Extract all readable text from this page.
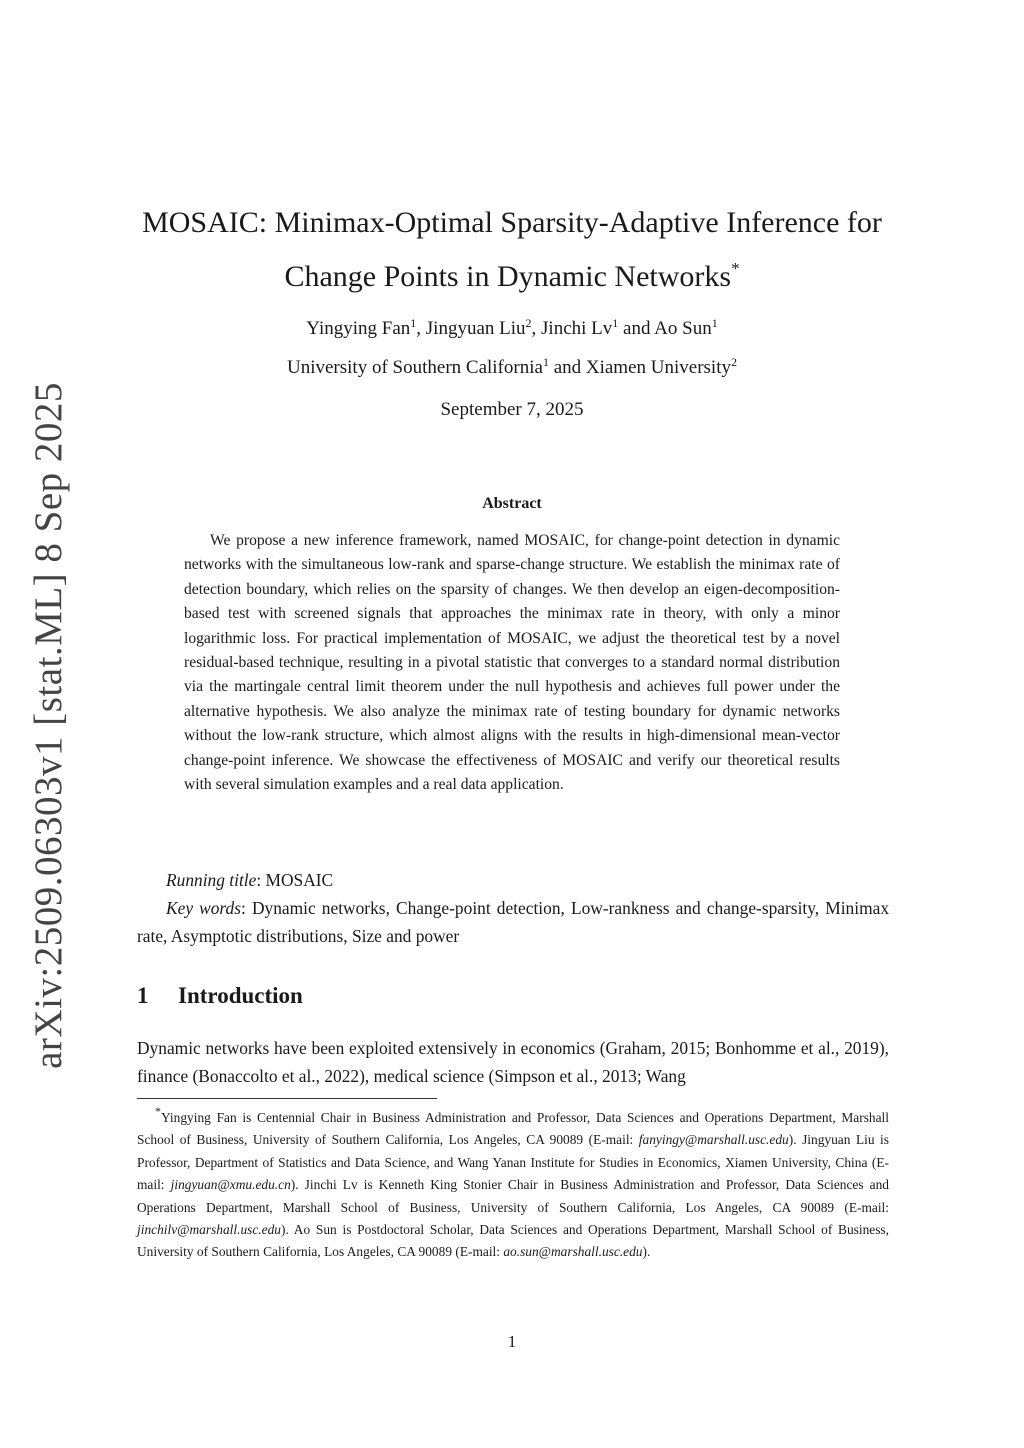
arXiv:2509.06303v1 [stat.ML] 8 Sep 2025
MOSAIC: Minimax-Optimal Sparsity-Adaptive Inference for Change Points in Dynamic Networks*
Yingying Fan$^1$, Jingyuan Liu$^2$, Jinchi Lv$^1$ and Ao Sun$^1$
University of Southern California$^1$ and Xiamen University$^2$
September 7, 2025
Abstract

We propose a new inference framework, named MOSAIC, for change-point detection in dynamic networks with the simultaneous low-rank and sparse-change structure. We establish the minimax rate of detection boundary, which relies on the sparsity of changes. We then develop an eigen-decomposition-based test with screened signals that approaches the minimax rate in theory, with only a minor logarithmic loss. For practical implementation of MOSAIC, we adjust the theoretical test by a novel residual-based technique, resulting in a pivotal statistic that converges to a standard normal distribution via the martingale central limit theorem under the null hypothesis and achieves full power under the alternative hypothesis. We also analyze the minimax rate of testing boundary for dynamic networks without the low-rank structure, which almost aligns with the results in high-dimensional mean-vector change-point inference. We showcase the effectiveness of MOSAIC and verify our theoretical results with several simulation examples and a real data application.

Running title: MOSAIC
Key words: Dynamic networks, Change-point detection, Low-rankness and change-sparsity, Minimax rate, Asymptotic distributions, Size and power
1 Introduction

Dynamic networks have been exploited extensively in economics (Graham, 2015; Bonhomme et al., 2019), finance (Bonaccolto et al., 2022), medical science (Simpson et al., 2013; Wang

*Yingying Fan is Centennial Chair in Business Administration and Professor, Data Sciences and Operations Department, Marshall School of Business, University of Southern California, Los Angeles, CA 90089 (E-mail: fanyingy@marshall.usc.edu). Jingyuan Liu is Professor, Department of Statistics and Data Science, and Wang Yanan Institute for Studies in Economics, Xiamen University, China (E-mail: jingyuan@xmu.edu.cn). Jinchi Lv is Kenneth King Stonier Chair in Business Administration and Professor, Data Sciences and Operations Department, Marshall School of Business, University of Southern California, Los Angeles, CA 90089 (E-mail: jinchilv@marshall.usc.edu). Ao Sun is Postdoctoral Scholar, Data Sciences and Operations Department, Marshall School of Business, University of Southern California, Los Angeles, CA 90089 (E-mail: ao.sun@marshall.usc.edu).

1
